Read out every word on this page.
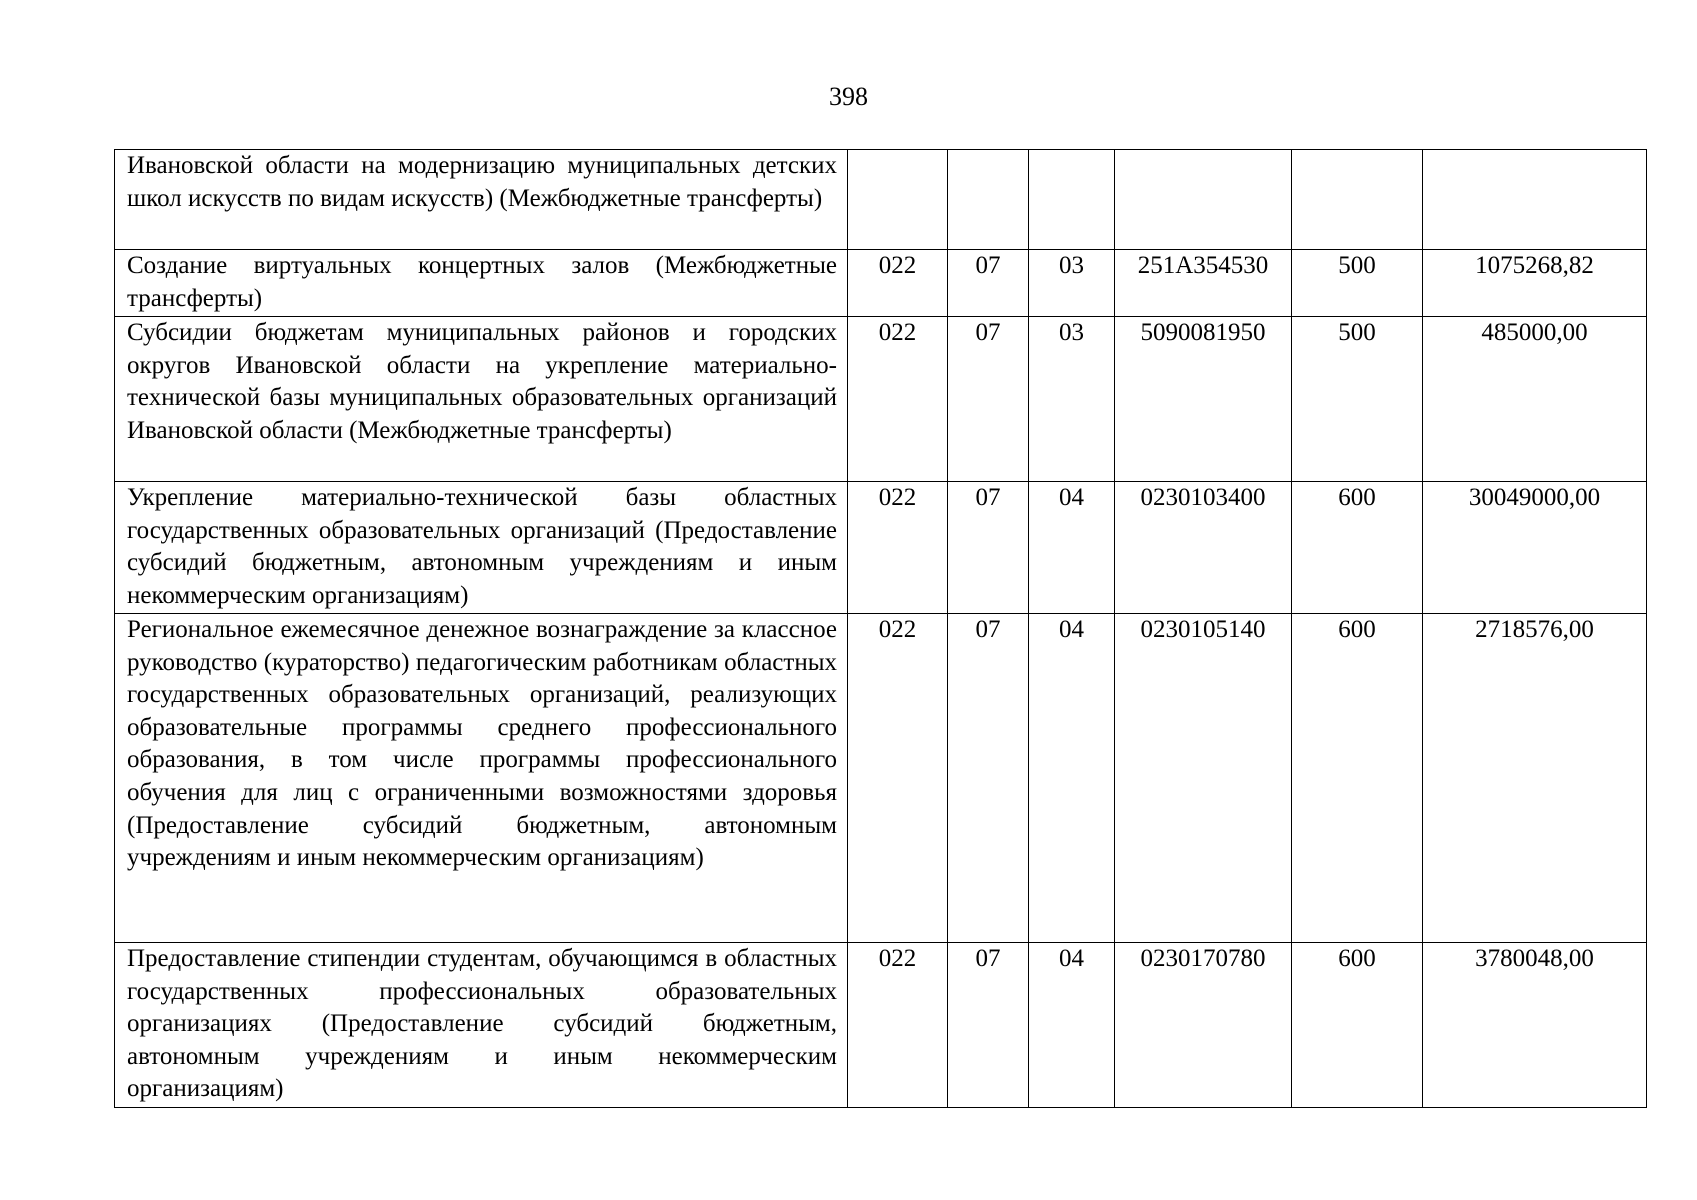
398
Ивановской области на модернизацию муниципальных детских школ искусств по видам искусств) (Межбюджетные трансферты)						
Создание виртуальных концертных залов (Межбюджетные трансферты)	022	07	03	251A354530	500	1075268,82
Субсидии бюджетам муниципальных районов и городских округов Ивановской области на укрепление материально-технической базы муниципальных образовательных организаций Ивановской области (Межбюджетные трансферты)	022	07	03	5090081950	500	485000,00
Укрепление материально-технической базы областных государственных образовательных организаций (Предоставление субсидий бюджетным, автономным учреждениям и иным некоммерческим организациям)	022	07	04	0230103400	600	30049000,00
Региональное ежемесячное денежное вознаграждение за классное руководство (кураторство) педагогическим работникам областных государственных образовательных организаций, реализующих образовательные программы среднего профессионального образования, в том числе программы профессионального обучения для лиц с ограниченными возможностями здоровья (Предоставление субсидий бюджетным, автономным учреждениям и иным некоммерческим организациям)	022	07	04	0230105140	600	2718576,00
Предоставление стипендии студентам, обучающимся в областных государственных профессиональных образовательных организациях (Предоставление субсидий бюджетным, автономным учреждениям и иным некоммерческим организациям)	022	07	04	0230170780	600	3780048,00
